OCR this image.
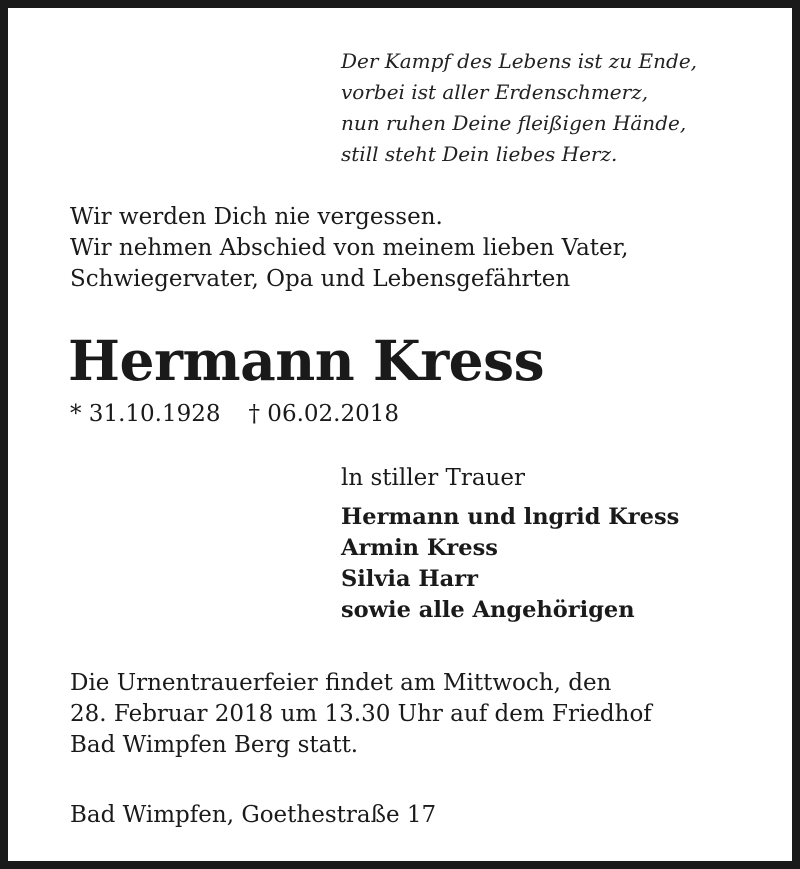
Der Kampf des Lebens ist zu Ende,
vorbei ist aller Erdenschmerz,
nun ruhen Deine fleißigen Hände,
still steht Dein liebes Herz.
Wir werden Dich nie vergessen.
Wir nehmen Abschied von meinem lieben Vater,
Schwiegervater, Opa und Lebensgefährten
Hermann Kress
* 31.10.1928 † 06.02.2018
ln stiller Trauer
Hermann und lngrid Kress
Armin Kress
Silvia Harr
sowie alle Angehörigen
Die Urnentrauerfeier findet am Mittwoch, den
28. Februar 2018 um 13.30 Uhr auf dem Friedhof
Bad Wimpfen Berg statt.
Bad Wimpfen, Goethestraße 17
